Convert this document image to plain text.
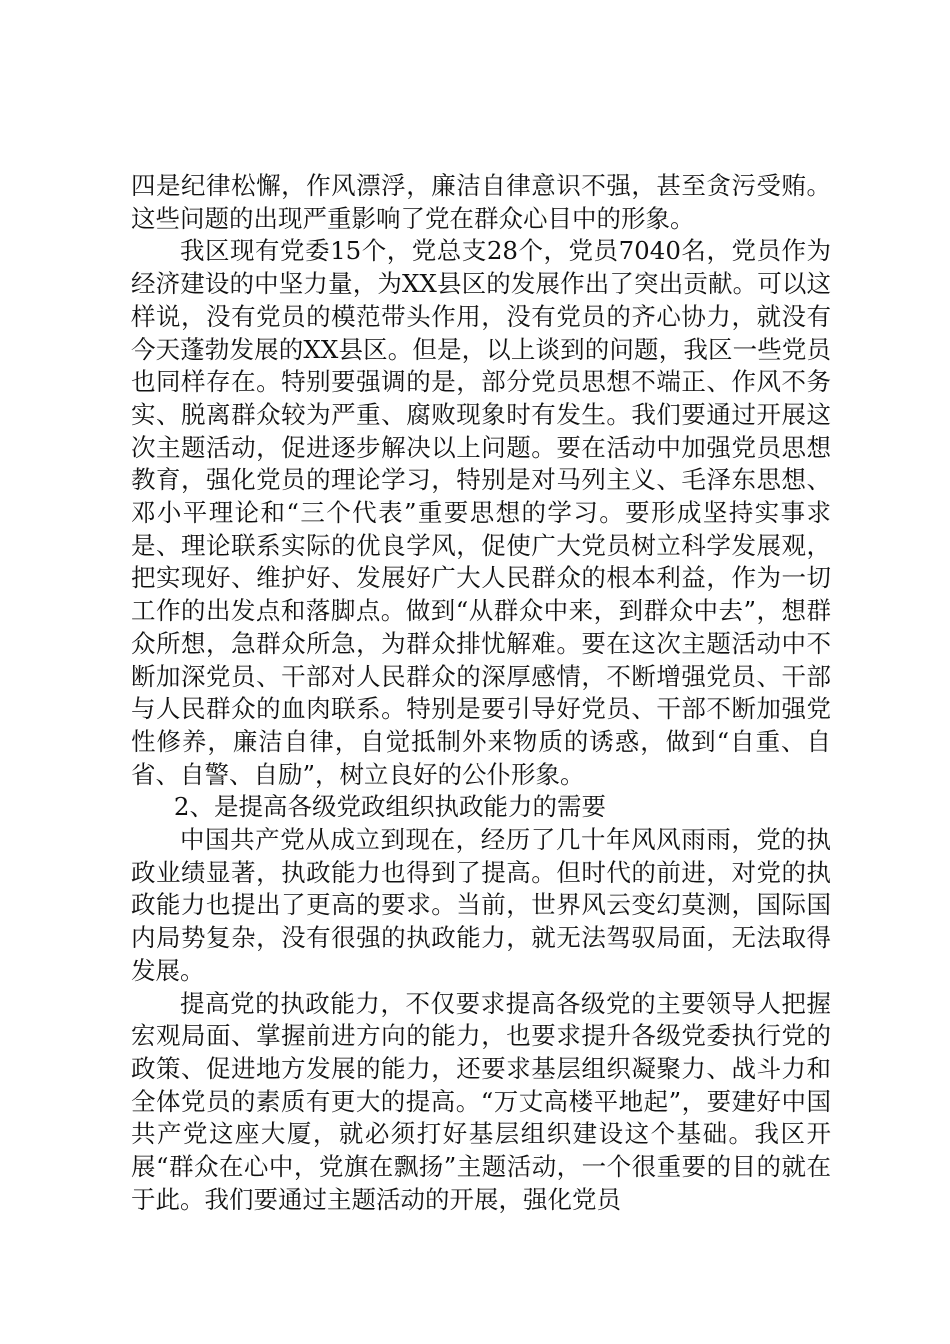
四是纪律松懈，作风漂浮，廉洁自律意识不强，甚至贪污受贿。这些问题的出现严重影响了党在群众心目中的形象。

我区现有党委15个，党总支28个，党员7040名，党员作为经济建设的中坚力量，为XX县区的发展作出了突出贡献。可以这样说，没有党员的模范带头作用，没有党员的齐心协力，就没有今天蓬勃发展的XX县区。但是，以上谈到的问题，我区一些党员也同样存在。特别要强调的是，部分党员思想不端正、作风不务实、脱离群众较为严重、腐败现象时有发生。我们要通过开展这次主题活动，促进逐步解决以上问题。要在活动中加强党员思想教育，强化党员的理论学习，特别是对马列主义、毛泽东思想、邓小平理论和“三个代表”重要思想的学习。要形成坚持实事求是、理论联系实际的优良学风，促使广大党员树立科学发展观，把实现好、维护好、发展好广大人民群众的根本利益，作为一切工作的出发点和落脚点。做到“从群众中来，到群众中去”，想群众所想，急群众所急，为群众排忧解难。要在这次主题活动中不断加深党员、干部对人民群众的深厚感情，不断增强党员、干部与人民群众的血肉联系。特别是要引导好党员、干部不断加强党性修养，廉洁自律，自觉抵制外来物质的诱惑，做到“自重、自省、自警、自励”，树立良好的公仆形象。

2、是提高各级党政组织执政能力的需要

中国共产党从成立到现在，经历了几十年风风雨雨，党的执政业绩显著，执政能力也得到了提高。但时代的前进，对党的执政能力也提出了更高的要求。当前，世界风云变幻莫测，国际国内局势复杂，没有很强的执政能力，就无法驾驭局面，无法取得发展。

提高党的执政能力，不仅要求提高各级党的主要领导人把握宏观局面、掌握前进方向的能力，也要求提升各级党委执行党的政策、促进地方发展的能力，还要求基层组织凝聚力、战斗力和全体党员的素质有更大的提高。“万丈高楼平地起”，要建好中国共产党这座大厦，就必须打好基层组织建设这个基础。我区开展“群众在心中，党旗在飘扬”主题活动，一个很重要的目的就在于此。我们要通过主题活动的开展，强化党员
